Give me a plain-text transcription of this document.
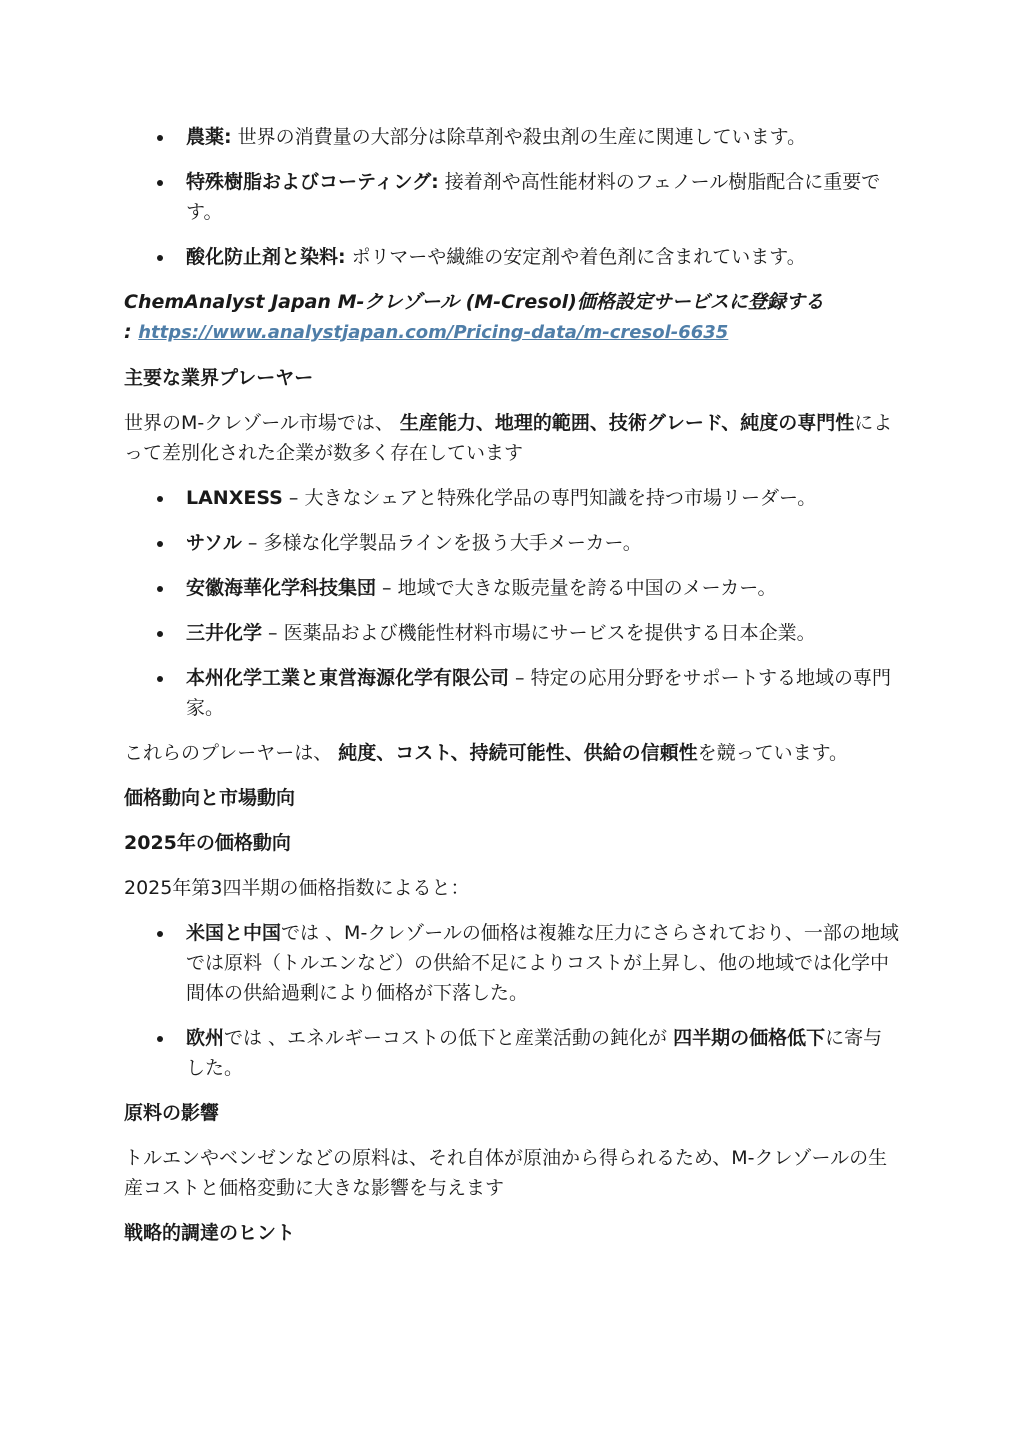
農薬: 世界の消費量の大部分は除草剤や殺虫剤の生産に関連しています。
特殊樹脂およびコーティング: 接着剤や高性能材料のフェノール樹脂配合に重要です。
酸化防止剤と染料: ポリマーや繊維の安定剤や着色剤に含まれています。
ChemAnalyst Japan M-クレゾール (M-Cresol)価格設定サービスに登録する
: https://www.analystjapan.com/Pricing-data/m-cresol-6635
主要な業界プレーヤー

世界のM-クレゾール市場では、 生産能力、地理的範囲、技術グレード、純度の専門性によって差別化された企業が数多く存在しています

LANXESS – 大きなシェアと特殊化学品の専門知識を持つ市場リーダー。
サソル – 多様な化学製品ラインを扱う大手メーカー。
安徽海華化学科技集団 – 地域で大きな販売量を誇る中国のメーカー。
三井化学 – 医薬品および機能性材料市場にサービスを提供する日本企業。
本州化学工業と東営海源化学有限公司 – 特定の応用分野をサポートする地域の専門家。

これらのプレーヤーは、 純度、コスト、持続可能性、供給の信頼性を競っています。

価格動向と市場動向
2025年の価格動向

2025年第3四半期の価格指数によると：

米国と中国では 、M-クレゾールの価格は複雑な圧力にさらされており、一部の地域では原料（トルエンなど）の供給不足によりコストが上昇し、他の地域では化学中間体の供給過剰により価格が下落した。
欧州では 、エネルギーコストの低下と産業活動の鈍化が 四半期の価格低下に寄与した。
原料の影響

トルエンやベンゼンなどの原料は、それ自体が原油から得られるため、M-クレゾールの生産コストと価格変動に大きな影響を与えます

戦略的調達のヒント
